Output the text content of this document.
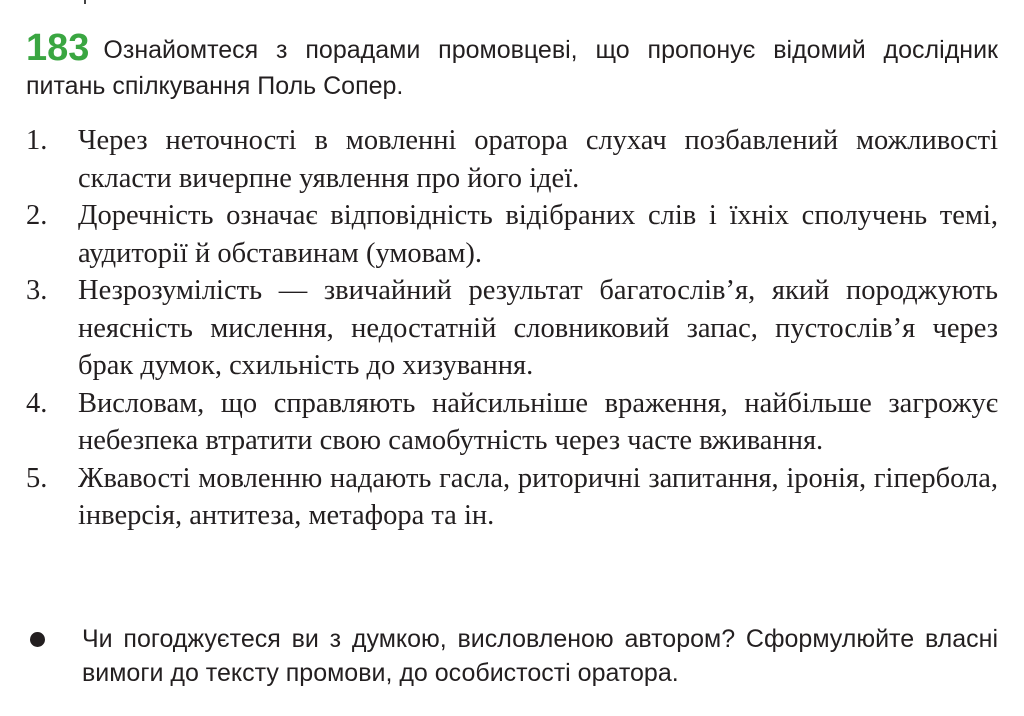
183 Ознайомтеся з порадами промовцеві, що пропонує відомий дослідник питань спілкування Поль Сопер.
1.	Через неточності в мовленні оратора слухач позбавлений можливості скласти вичерпне уявлення про його ідеї.
2.	Доречність означає відповідність відібраних слів і їхніх сполучень темі, аудиторії й обставинам (умовам).
3.	Незрозумілість — звичайний результат багатослів’я, який породжують неясність мислення, недостатній словниковий запас, пустослів’я через брак думок, схильність до хизування.
4.	Висловам, що справляють найсильніше враження, найбільше загрожує небезпека втратити свою самобутність через часте вживання.
5.	Жвавості мовленню надають гасла, риторичні запитання, іронія, гіпербола, інверсія, антитеза, метафора та ін.
Чи погоджуєтеся ви з думкою, висловленою автором? Сформулюйте власні вимоги до тексту промови, до особистості оратора.
